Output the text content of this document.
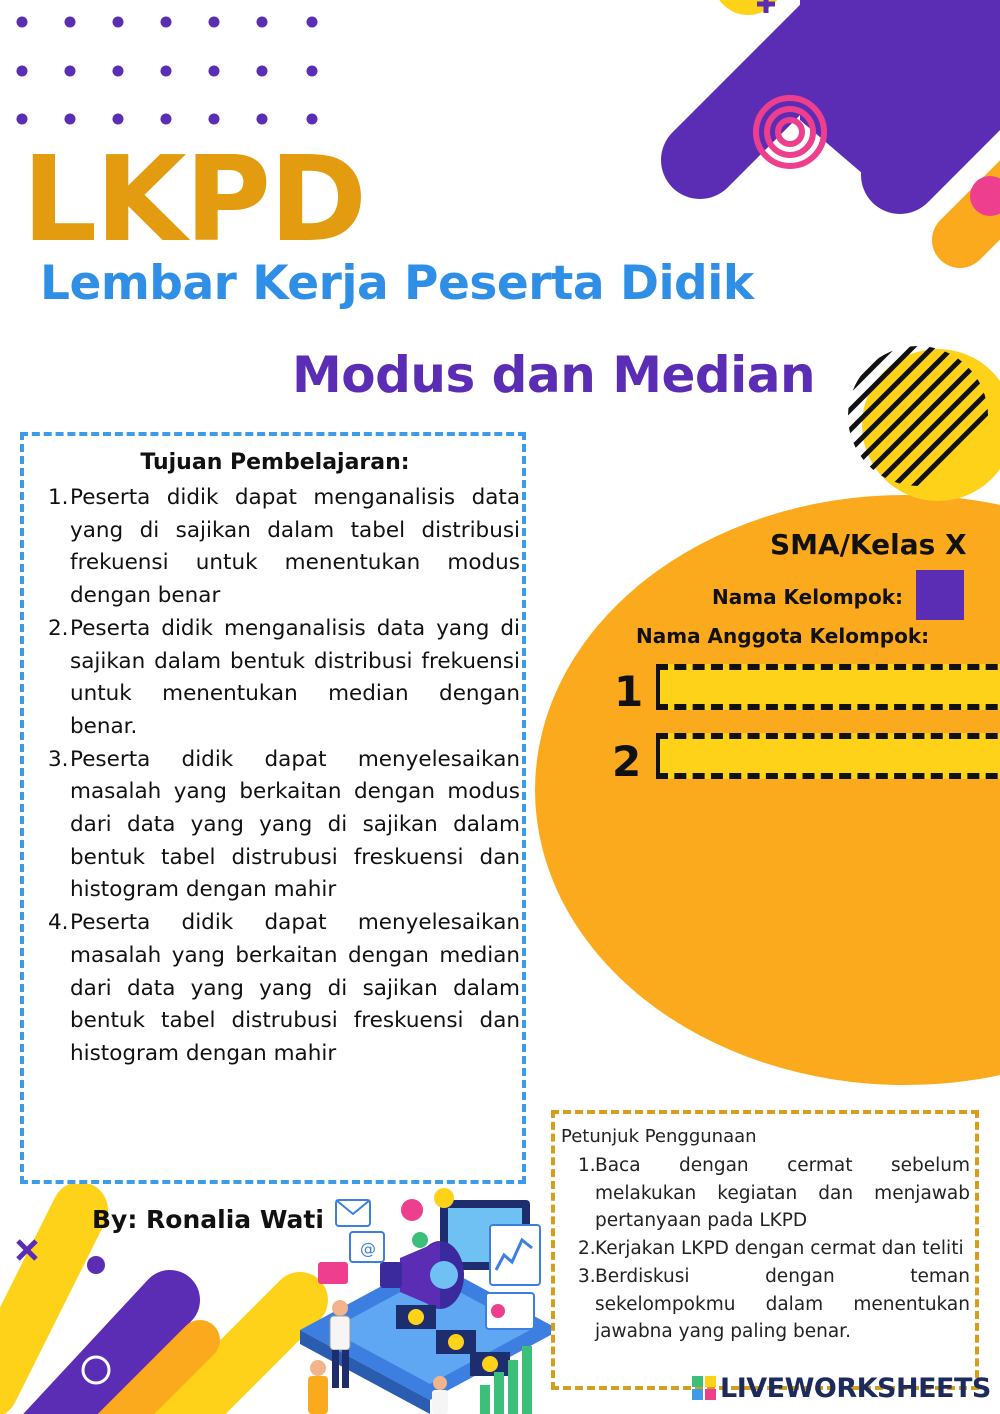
@
LKPD
Lembar Kerja Peserta Didik
Modus dan Median
Tujuan Pembelajaran:
1. Peserta didik dapat menganalisis data yang di sajikan dalam tabel distribusi frekuensi untuk menentukan modus dengan benar
2. Peserta didik menganalisis data yang di sajikan dalam bentuk distribusi frekuensi untuk menentukan median dengan benar.
3. Peserta didik dapat menyelesaikan masalah yang berkaitan dengan modus dari data yang yang di sajikan dalam bentuk tabel distrubusi freskuensi dan histogram dengan mahir
4. Peserta didik dapat menyelesaikan masalah yang berkaitan dengan median dari data yang yang di sajikan dalam bentuk tabel distrubusi freskuensi dan histogram dengan mahir
SMA/Kelas X
Nama Kelompok:
Nama Anggota Kelompok:
1
2
Petunjuk Penggunaan
1. Baca dengan cermat sebelum melakukan kegiatan dan menjawab pertanyaan pada LKPD
2. Kerjakan LKPD dengan cermat dan teliti
3. Berdiskusi dengan teman sekelompokmu dalam menentukan jawabna yang paling benar.
By: Ronalia Wati
LIVEWORKSHEETS
